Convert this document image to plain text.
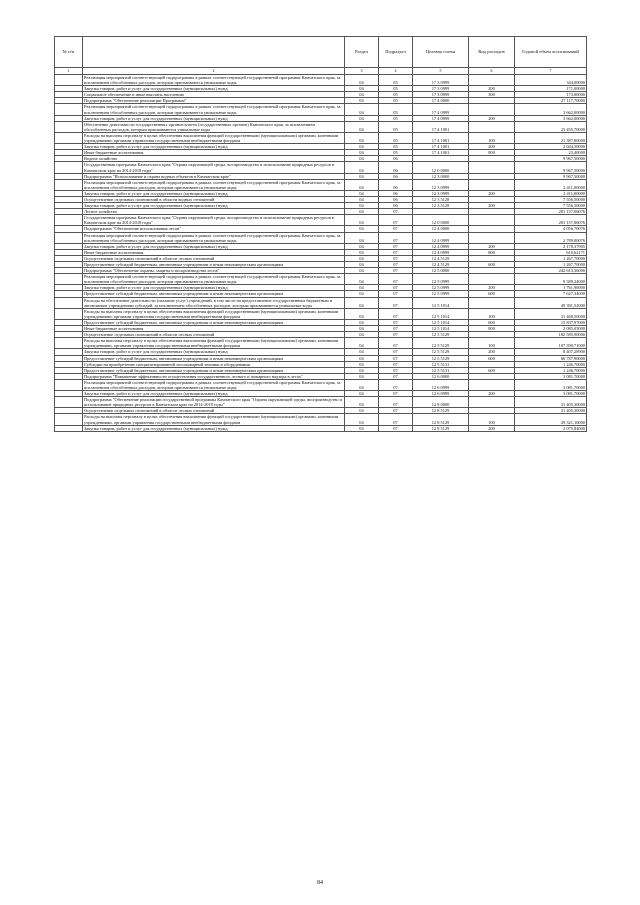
№ п/п		Раздел	Подраздел	Целевая статья	Вид расходов	Годовой объем ассигнований
1	2	3	4	5	6	7
	Реализация мероприятий соответствующей подпрограммы в рамках соответствующей государственной программы Камчатского края, за исключением обособленных расходов, которым присваиваются уникальные коды	04	05	17 3 0999		344,00000
	Закупка товаров, работ и услуг для государственных (муниципальных) нужд	04	05	17 3 0999	200	171,00000
	Социальное обеспечение и иные выплаты населению	04	05	17 3 0999	300	173,00000
	Подпрограмма "Обеспечение реализации Программы"	04	05	17 4 0000		27 117,70000
	Реализация мероприятий соответствующей подпрограммы в рамках соответствующей государственной программы Камчатского края, за исключением обособленных расходов, которым присваиваются уникальные коды	04	05	17 4 0999		3 662,00000
	Закупка товаров, работ и услуг для государственных (муниципальных) нужд	04	05	17 4 0999	200	3 662,00000
	Обеспечение деятельности государственных органов власти (государственных органов) Камчатского края, за исключением обособленных расходов, которым присваиваются уникальные коды	04	05	17 4 1001		23 455,70000
	Расходы на выплаты персоналу в целях обеспечения выполнения функций государственными (муниципальными) органами, казенными учреждениями, органами управления государственными внебюджетными фондами	04	05	17 4 1001	100	21 387,80000
	Закупка товаров, работ и услуг для государственных (муниципальных) нужд	04	05	17 4 1001	200	2 044,50000
	Иные бюджетные ассигнования	04	05	17 4 1001	800	23,40000
	Водное хозяйство	04	06			9 967,50000
	Государственная программа Камчатского края "Охрана окружающей среды, воспроизводство и использование природных ресурсов в Камчатском крае на 2014-2018 годы"	04	06	12 0 0000		9 967,50000
	Подпрограмма "Использование и охрана водных объектов в Камчатском крае"	04	06	12 3 0000		9 967,50000
	Реализация мероприятий соответствующей подпрограммы в рамках соответствующей государственной программы Камчатского края, за исключением обособленных расходов, которым присваиваются уникальные коды	04	06	12 3 0999		2 411,00000
	Закупка товаров, работ и услуг для государственных (муниципальных) нужд	04	06	12 3 0999	200	2 411,00000
	Осуществление отдельных полномочий в области водных отношений	04	06	12 3 5128		7 556,50000
	Закупка товаров, работ и услуг для государственных (муниципальных) нужд	04	06	12 3 5128	200	7 556,50000
	Лесное хозяйство	04	07			281 157,06076
	Государственная программа Камчатского края "Охрана окружающей среды, воспроизводство и использование природных ресурсов в Камчатском крае на 2014-2018 годы"	04	07	12 0 0000		281 157,06076
	Подпрограмма "Обеспечение использования лесов"	04	07	12 4 0000		4 056,70076
	Реализация мероприятий соответствующей подпрограммы в рамках соответствующей государственной программы Камчатского края, за исключением обособленных расходов, которым присваиваются уникальные коды	04	07	12 4 0999		2 789,00076
	Закупка товаров, работ и услуг для государственных (муниципальных) нужд	04	07	12 4 0999	200	2 178,37905
	Иные бюджетные ассигнования	04	07	12 4 0999	800	610,62171
	Осуществление отдельных полномочий в области лесных отношений	04	07	12 4 5129		1 267,70000
	Предоставление субсидий бюджетным, автономным учреждениям и иным некоммерческим организациям	04	07	12 4 5129	600	1 267,70000
	Подпрограмма "Обеспечение охраны, защиты и воспроизводства лесов"	04	07	12 5 0000		242 613,36000
	Реализация мероприятий соответствующей подпрограммы в рамках соответствующей государственной программы Камчатского края, за исключением обособленных расходов, которым присваиваются уникальные коды	04	07	12 5 0999		9 389,24000
	Закупка товаров, работ и услуг для государственных (муниципальных) нужд	04	07	12 5 0999	200	1 761,90000
	Предоставление субсидий бюджетным, автономным учреждениям и иным некоммерческим организациям	04	07	12 5 0999	600	7 627,34000
	Расходы на обеспечение деятельности (оказание услуг) учреждений, в том числе на предоставление государственным бюджетным и автономным учреждениям субсидий, за исключением обособленных расходов, которым присваиваются уникальные коды	04	07	12 5 1014		49 391,52000
	Расходы на выплаты персоналу в целях обеспечения выполнения функций государственными (муниципальными) органами, казенными учреждениями, органами управления государственными внебюджетными фондами	04	07	12 5 1014	100	31 468,50000
	Предоставление субсидий бюджетным, автономным учреждениям и иным некоммерческим организациям	04	07	12 5 1014	600	15 837,97000
	Иные бюджетные ассигнования	04	07	12 5 1014	800	2 085,05000
	Осуществление отдельных полномочий в области лесных отношений	04	07	12 5 5129		182 585,90000
	Расходы на выплаты персоналу в целях обеспечения выполнения функций государственными (муниципальными) органами, казенными учреждениями, органами управления государственными внебюджетными фондами	04	07	12 5 5129	100	107 390,71000
	Закупка товаров, работ и услуг для государственных (муниципальных) нужд	04	07	12 5 5129	200	8 407,28900
	Предоставление субсидий бюджетным, автономным учреждениям и иным некоммерческим организациям	04	07	12 5 5129	600	66 787,90000
	Субсидии на приобретение специализированной лесопожарной техники и оборудования	04	07	12 5 5131		1 246,70000
	Предоставление субсидий бюджетным, автономным учреждениям и иным некоммерческим организациям	04	07	12 5 5131	600	1 246,70000
	Подпрограмма "Повышение эффективности осуществления государственного лесного и пожарного надзора в лесах"	04	07	12 6 0000		3 081,70000
	Реализация мероприятий соответствующей подпрограммы в рамках соответствующей государственной программы Камчатского края, за исключением обособленных расходов, которым присваиваются уникальные коды	04	07	12 6 0999		3 081,70000
	Закупка товаров, работ и услуг для государственных (муниципальных) нужд	04	07	12 6 0999	200	3 081,70000
	Подпрограмма "Обеспечение реализации государственной программы Камчатского края "Охрана окружающей среды, воспроизводство и использование природных ресурсов в Камчатском крае на 2014-2018 годы"	04	07	12 8 0000		31 405,30000
	Осуществление отдельных полномочий в области лесных отношений	04	07	12 8 5129		31 405,30000
	Расходы на выплаты персоналу в целях обеспечения выполнения функций государственными (муниципальными) органами, казенными учреждениями, органами управления государственными внебюджетными фондами	04	07	12 8 5129	100	29 321,16000
	Закупка товаров, работ и услуг для государственных (муниципальных) нужд	04	07	12 8 5129	200	2 075,84000
84
